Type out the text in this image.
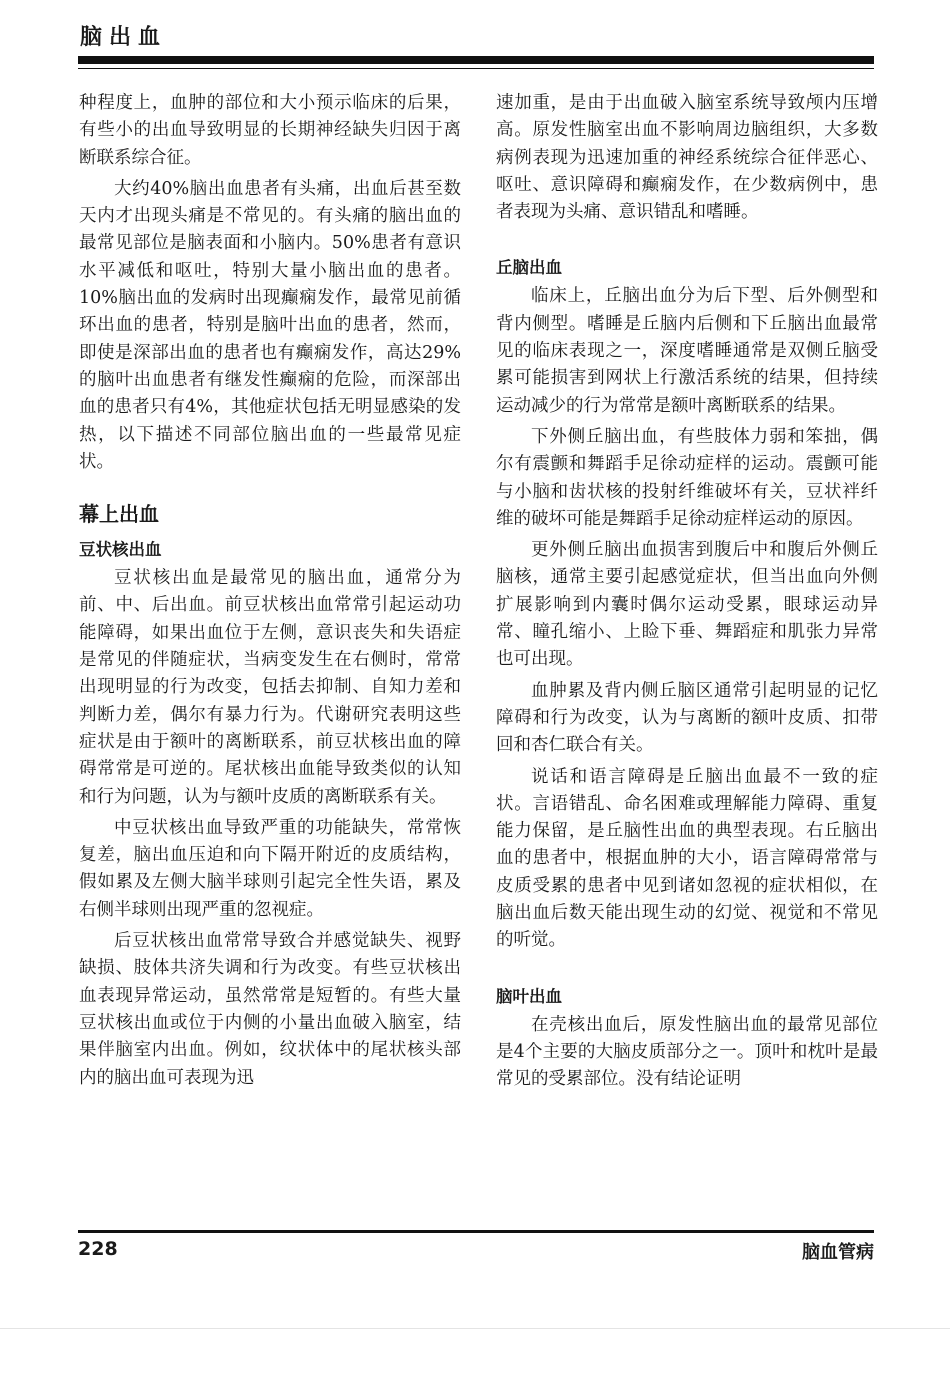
脑出血

种程度上，血肿的部位和大小预示临床的后果，有些小的出血导致明显的长期神经缺失归因于离断联系综合征。

大约40%脑出血患者有头痛，出血后甚至数天内才出现头痛是不常见的。有头痛的脑出血的最常见部位是脑表面和小脑内。50%患者有意识水平减低和呕吐，特别大量小脑出血的患者。10%脑出血的发病时出现癫痫发作，最常见前循环出血的患者，特别是脑叶出血的患者，然而，即使是深部出血的患者也有癫痫发作，高达29%的脑叶出血患者有继发性癫痫的危险，而深部出血的患者只有4%，其他症状包括无明显感染的发热，以下描述不同部位脑出血的一些最常见症状。

幕上出血
豆状核出血

豆状核出血是最常见的脑出血，通常分为前、中、后出血。前豆状核出血常常引起运动功能障碍，如果出血位于左侧，意识丧失和失语症是常见的伴随症状，当病变发生在右侧时，常常出现明显的行为改变，包括去抑制、自知力差和判断力差，偶尔有暴力行为。代谢研究表明这些症状是由于额叶的离断联系，前豆状核出血的障碍常常是可逆的。尾状核出血能导致类似的认知和行为问题，认为与额叶皮质的离断联系有关。

中豆状核出血导致严重的功能缺失，常常恢复差，脑出血压迫和向下隔开附近的皮质结构，假如累及左侧大脑半球则引起完全性失语，累及右侧半球则出现严重的忽视症。

后豆状核出血常常导致合并感觉缺失、视野缺损、肢体共济失调和行为改变。有些豆状核出血表现异常运动，虽然常常是短暂的。有些大量豆状核出血或位于内侧的小量出血破入脑室，结果伴脑室内出血。例如，纹状体中的尾状核头部内的脑出血可表现为迅

速加重，是由于出血破入脑室系统导致颅内压增高。原发性脑室出血不影响周边脑组织，大多数病例表现为迅速加重的神经系统综合征伴恶心、呕吐、意识障碍和癫痫发作，在少数病例中，患者表现为头痛、意识错乱和嗜睡。

丘脑出血

临床上，丘脑出血分为后下型、后外侧型和背内侧型。嗜睡是丘脑内后侧和下丘脑出血最常见的临床表现之一，深度嗜睡通常是双侧丘脑受累可能损害到网状上行激活系统的结果，但持续运动减少的行为常常是额叶离断联系的结果。

下外侧丘脑出血，有些肢体力弱和笨拙，偶尔有震颤和舞蹈手足徐动症样的运动。震颤可能与小脑和齿状核的投射纤维破坏有关，豆状袢纤维的破坏可能是舞蹈手足徐动症样运动的原因。

更外侧丘脑出血损害到腹后中和腹后外侧丘脑核，通常主要引起感觉症状，但当出血向外侧扩展影响到内囊时偶尔运动受累，眼球运动异常、瞳孔缩小、上睑下垂、舞蹈症和肌张力异常也可出现。

血肿累及背内侧丘脑区通常引起明显的记忆障碍和行为改变，认为与离断的额叶皮质、扣带回和杏仁联合有关。

说话和语言障碍是丘脑出血最不一致的症状。言语错乱、命名困难或理解能力障碍、重复能力保留，是丘脑性出血的典型表现。右丘脑出血的患者中，根据血肿的大小，语言障碍常常与皮质受累的患者中见到诸如忽视的症状相似，在脑出血后数天能出现生动的幻觉、视觉和不常见的听觉。

脑叶出血

在壳核出血后，原发性脑出血的最常见部位是4个主要的大脑皮质部分之一。顶叶和枕叶是最常见的受累部位。没有结论证明

228	脑血管病
